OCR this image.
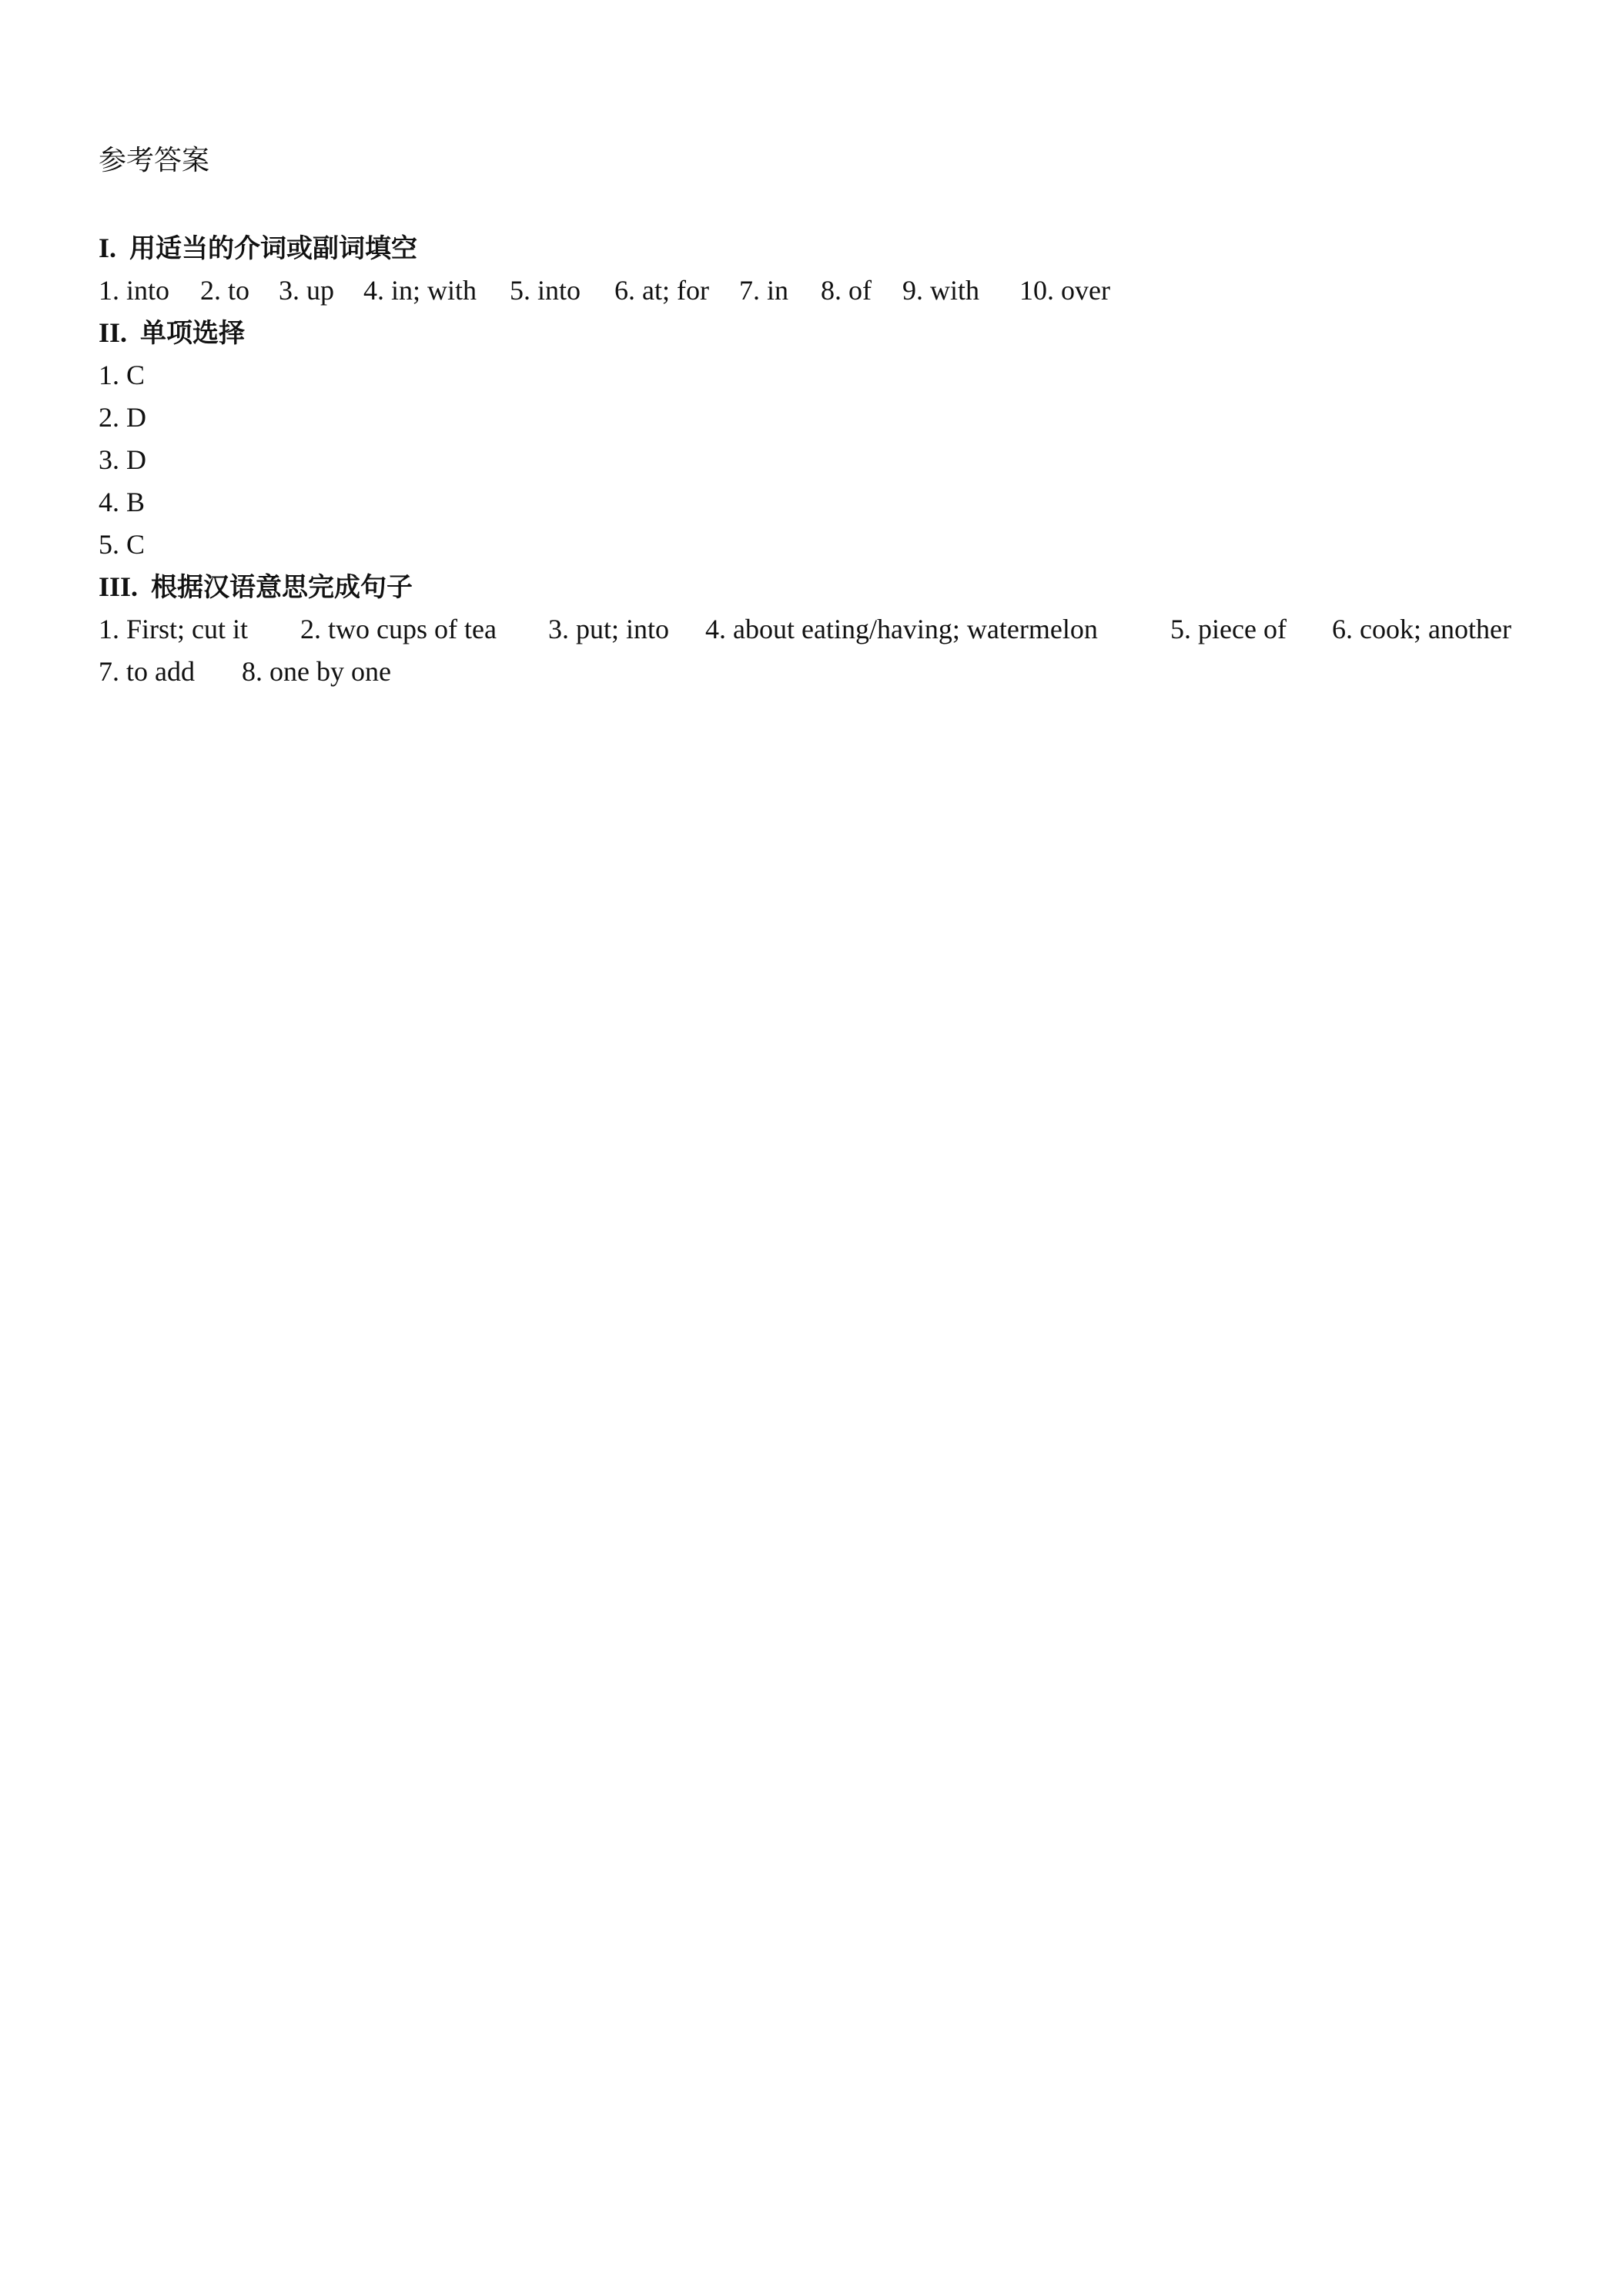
参考答案
I. 用适当的介词或副词填空
1. into 2. to 3. up 4. in; with 5. into 6. at; for 7. in 8. of 9. with 10. over
II. 单项选择
1. C
2. D
3. D
4. B
5. C
III. 根据汉语意思完成句子
1. First; cut it 2. two cups of tea 3. put; into 4. about eating/having; watermelon	5. piece of 6. cook; another
7. to add 8. one by one
